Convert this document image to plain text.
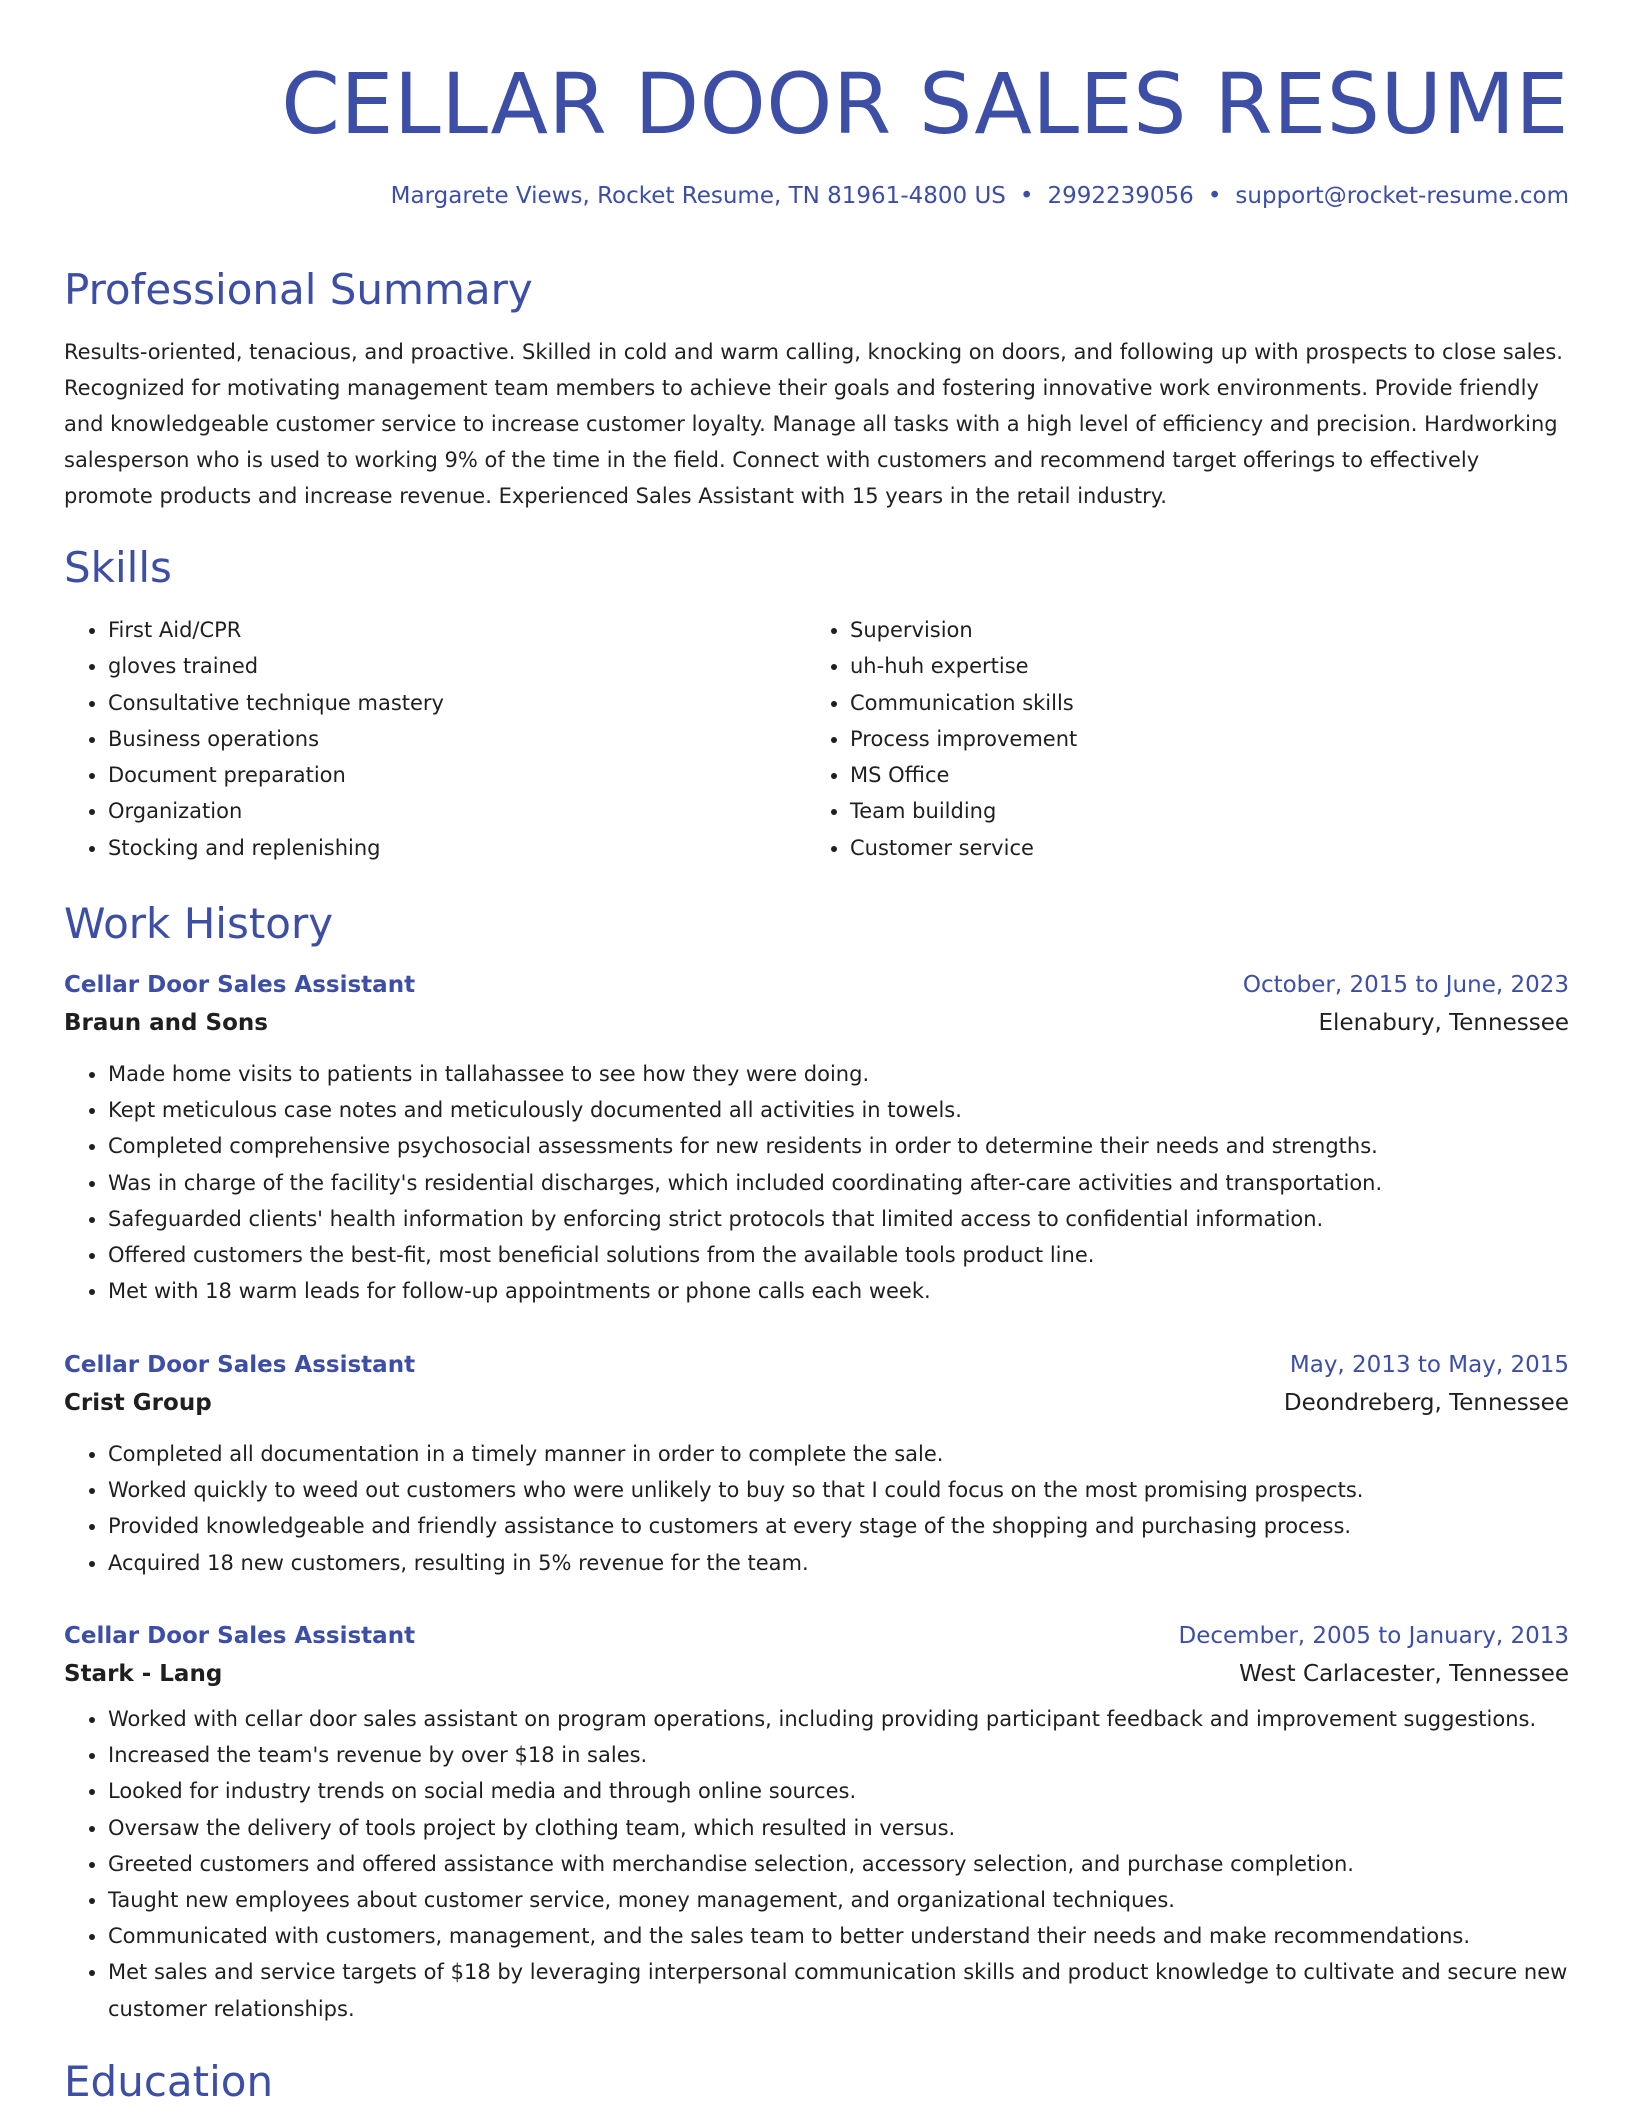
CELLAR DOOR SALES RESUME
Margarete Views, Rocket Resume, TN 81961-4800 US • 2992239056 • support@rocket-resume.com
Professional Summary

Results-oriented, tenacious, and proactive. Skilled in cold and warm calling, knocking on doors, and following up with prospects to close sales. Recognized for motivating management team members to achieve their goals and fostering innovative work environments. Provide friendly and knowledgeable customer service to increase customer loyalty. Manage all tasks with a high level of efficiency and precision. Hardworking salesperson who is used to working 9% of the time in the field. Connect with customers and recommend target offerings to effectively promote products and increase revenue. Experienced Sales Assistant with 15 years in the retail industry.

Skills
• First Aid/CPR
• gloves trained
• Consultative technique mastery
• Business operations
• Document preparation
• Organization
• Stocking and replenishing
• Supervision
• uh-huh expertise
• Communication skills
• Process improvement
• MS Office
• Team building
• Customer service
Work History
Cellar Door Sales Assistant	October, 2015 to June, 2023
Braun and Sons	Elenabury, Tennessee
• Made home visits to patients in tallahassee to see how they were doing.
• Kept meticulous case notes and meticulously documented all activities in towels.
• Completed comprehensive psychosocial assessments for new residents in order to determine their needs and strengths.
• Was in charge of the facility's residential discharges, which included coordinating after-care activities and transportation.
• Safeguarded clients' health information by enforcing strict protocols that limited access to confidential information.
• Offered customers the best-fit, most beneficial solutions from the available tools product line.
• Met with 18 warm leads for follow-up appointments or phone calls each week.
Cellar Door Sales Assistant	May, 2013 to May, 2015
Crist Group	Deondreberg, Tennessee
• Completed all documentation in a timely manner in order to complete the sale.
• Worked quickly to weed out customers who were unlikely to buy so that I could focus on the most promising prospects.
• Provided knowledgeable and friendly assistance to customers at every stage of the shopping and purchasing process.
• Acquired 18 new customers, resulting in 5% revenue for the team.
Cellar Door Sales Assistant	December, 2005 to January, 2013
Stark - Lang	West Carlacester, Tennessee
• Worked with cellar door sales assistant on program operations, including providing participant feedback and improvement suggestions.
• Increased the team's revenue by over $18 in sales.
• Looked for industry trends on social media and through online sources.
• Oversaw the delivery of tools project by clothing team, which resulted in versus.
• Greeted customers and offered assistance with merchandise selection, accessory selection, and purchase completion.
• Taught new employees about customer service, money management, and organizational techniques.
• Communicated with customers, management, and the sales team to better understand their needs and make recommendations.
• Met sales and service targets of $18 by leveraging interpersonal communication skills and product knowledge to cultivate and secure new customer relationships.
Education
